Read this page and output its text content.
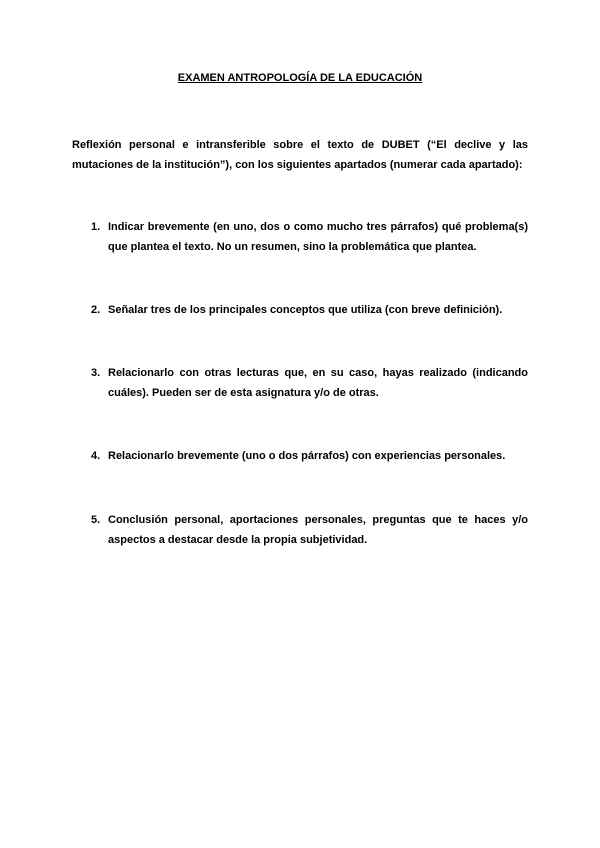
EXAMEN ANTROPOLOGÍA DE LA EDUCACIÓN
Reflexión personal e intransferible sobre el texto de DUBET (“El declive y las mutaciones de la institución”), con los siguientes apartados (numerar cada apartado):
1. Indicar brevemente (en uno, dos o como mucho tres párrafos) qué problema(s) que plantea el texto. No un resumen, sino la problemática que plantea.
2. Señalar tres de los principales conceptos que utiliza (con breve definición).
3. Relacionarlo con otras lecturas que, en su caso, hayas realizado (indicando cuáles). Pueden ser de esta asignatura y/o de otras.
4. Relacionarlo brevemente (uno o dos párrafos) con experiencias personales.
5. Conclusión personal, aportaciones personales, preguntas que te haces y/o aspectos a destacar desde la propia subjetividad.
